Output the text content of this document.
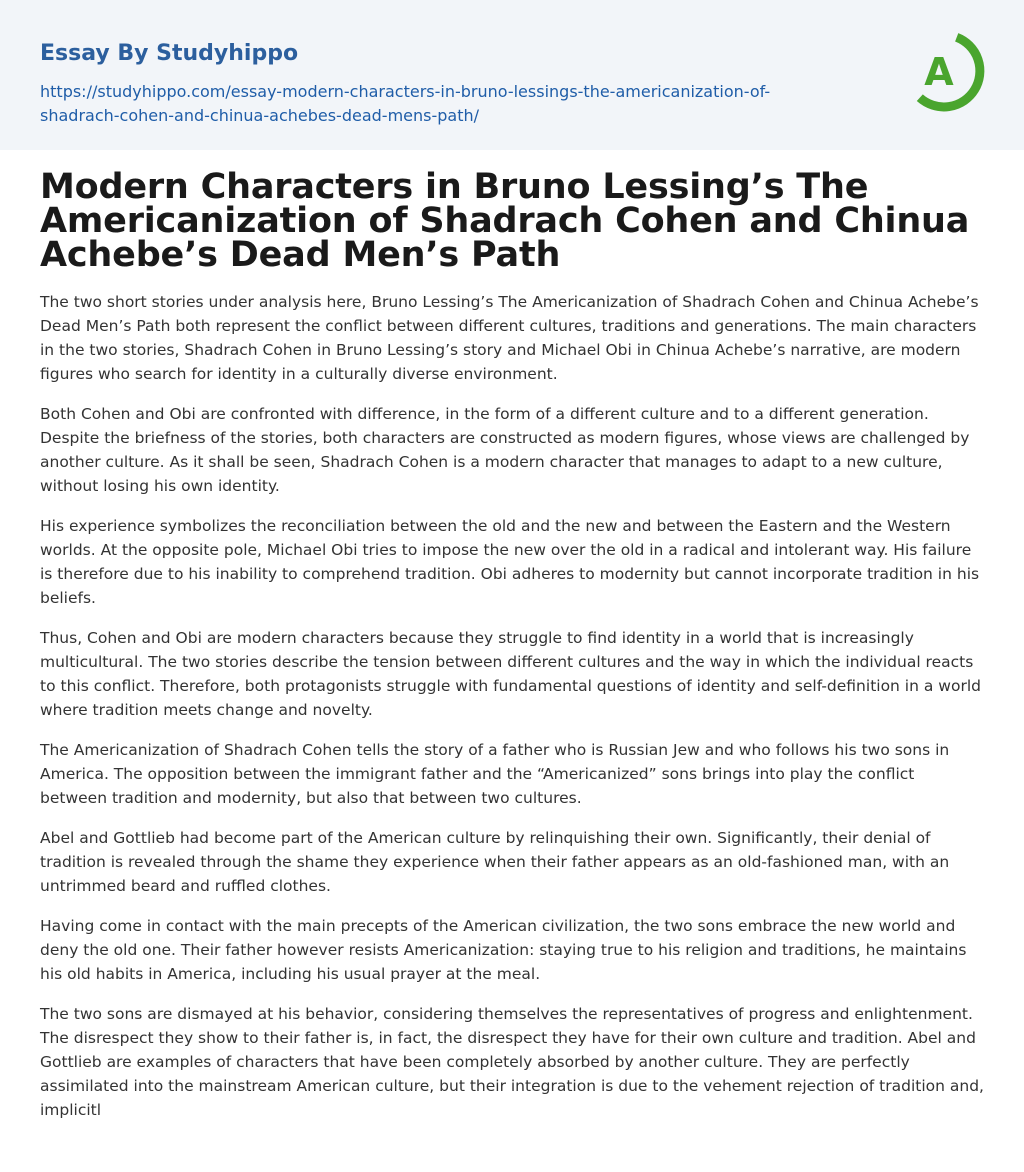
Essay By Studyhippo
https://studyhippo.com/essay-modern-characters-in-bruno-lessings-the-americanization-of-shadrach-cohen-and-chinua-achebes-dead-mens-path/
A
Modern Characters in Bruno Lessing’s The Americanization of Shadrach Cohen and Chinua Achebe’s Dead Men’s Path

The two short stories under analysis here, Bruno Lessing’s The Americanization of Shadrach Cohen and Chinua Achebe’s Dead Men’s Path both represent the conflict between different cultures, traditions and generations. The main characters in the two stories, Shadrach Cohen in Bruno Lessing’s story and Michael Obi in Chinua Achebe’s narrative, are modern figures who search for identity in a culturally diverse environment.

Both Cohen and Obi are confronted with difference, in the form of a different culture and to a different generation. Despite the briefness of the stories, both characters are constructed as modern figures, whose views are challenged by another culture. As it shall be seen, Shadrach Cohen is a modern character that manages to adapt to a new culture, without losing his own identity.

His experience symbolizes the reconciliation between the old and the new and between the Eastern and the Western worlds. At the opposite pole, Michael Obi tries to impose the new over the old in a radical and intolerant way. His failure is therefore due to his inability to comprehend tradition. Obi adheres to modernity but cannot incorporate tradition in his beliefs.

Thus, Cohen and Obi are modern characters because they struggle to find identity in a world that is increasingly multicultural. The two stories describe the tension between different cultures and the way in which the individual reacts to this conflict. Therefore, both protagonists struggle with fundamental questions of identity and self-definition in a world where tradition meets change and novelty.

The Americanization of Shadrach Cohen tells the story of a father who is Russian Jew and who follows his two sons in America. The opposition between the immigrant father and the “Americanized” sons brings into play the conflict between tradition and modernity, but also that between two cultures.

Abel and Gottlieb had become part of the American culture by relinquishing their own. Significantly, their denial of tradition is revealed through the shame they experience when their father appears as an old-fashioned man, with an untrimmed beard and ruffled clothes.

Having come in contact with the main precepts of the American civilization, the two sons embrace the new world and deny the old one. Their father however resists Americanization: staying true to his religion and traditions, he maintains his old habits in America, including his usual prayer at the meal.

The two sons are dismayed at his behavior, considering themselves the representatives of progress and enlightenment. The disrespect they show to their father is, in fact, the disrespect they have for their own culture and tradition. Abel and Gottlieb are examples of characters that have been completely absorbed by another culture. They are perfectly assimilated into the mainstream American culture, but their integration is due to the vehement rejection of tradition and, implicitl
